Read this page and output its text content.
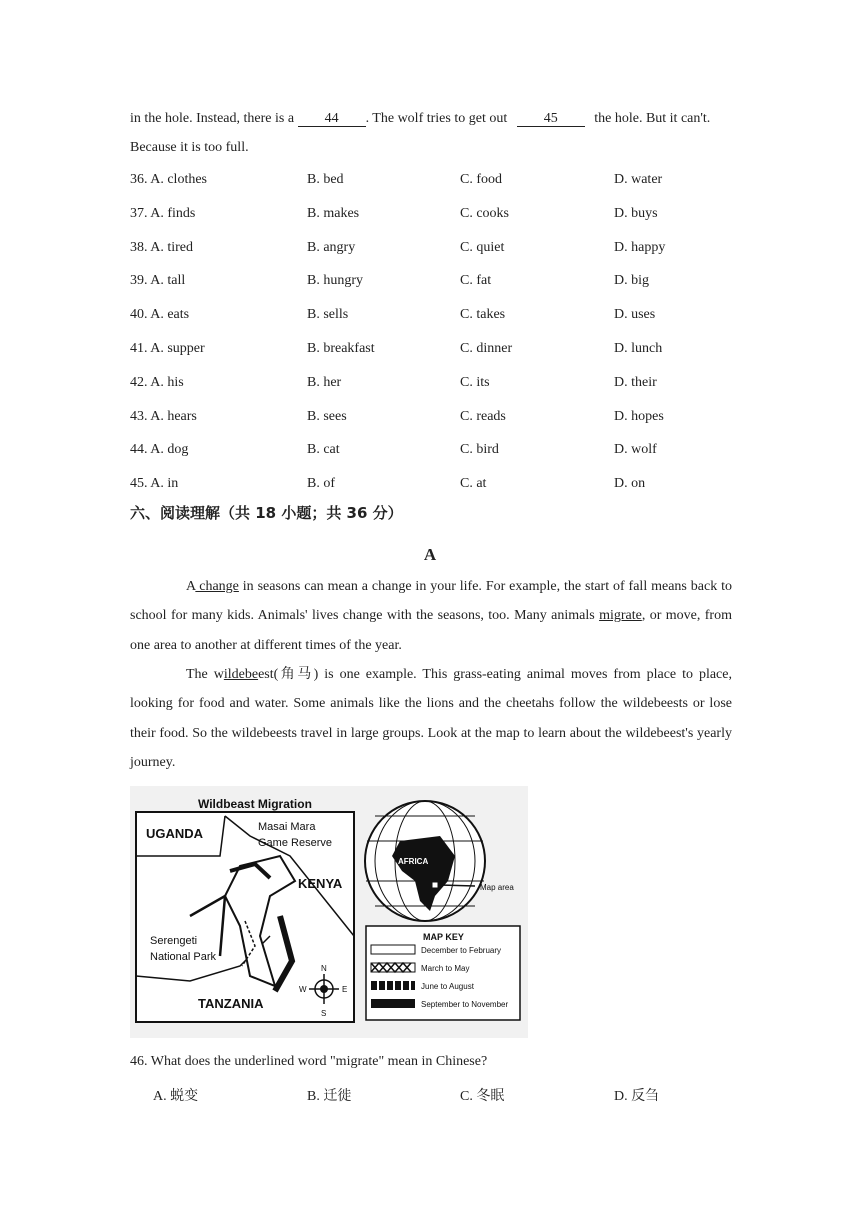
in the hole. Instead, there is a 44 . The wolf tries to get out 45 the hole. But it can't.
Because it is too full.
36. A. clothes	B. bed	C. food	D. water
37. A. finds	B. makes	C. cooks	D. buys
38. A. tired	B. angry	C. quiet	D. happy
39. A. tall	B. hungry	C. fat	D. big
40. A. eats	B. sells	C. takes	D. uses
41. A. supper	B. breakfast	C. dinner	D. lunch
42. A. his	B. her	C. its	D. their
43. A. hears	B. sees	C. reads	D. hopes
44. A. dog	B. cat	C. bird	D. wolf
45. A. in	B. of	C. at	D. on
六、阅读理解（共 18 小题；共 36 分）
A
A change in seasons can mean a change in your life. For example, the start of fall means back to school for many kids. Animals' lives change with the seasons, too. Many animals migrate, or move, from one area to another at different times of the year.
The wildebeest(角马) is one example. This grass-eating animal moves from place to place, looking for food and water. Some animals like the lions and the cheetahs follow the wildebeests or lose their food. So the wildebeests travel in large groups. Look at the map to learn about the wildebeest's yearly journey.
Wildbeast Migration
UGANDA	Masai Mara
Game Reserve
KENYA
Serengeti
National Park
TANZANIA
N
S
E
W
AFRICA
Map area
MAP KEY
December to February
March to May
June to August
September to November
46. What does the underlined word "migrate" mean in Chinese?
A. 蜕变	B. 迁徙	C. 冬眠	D. 反刍
